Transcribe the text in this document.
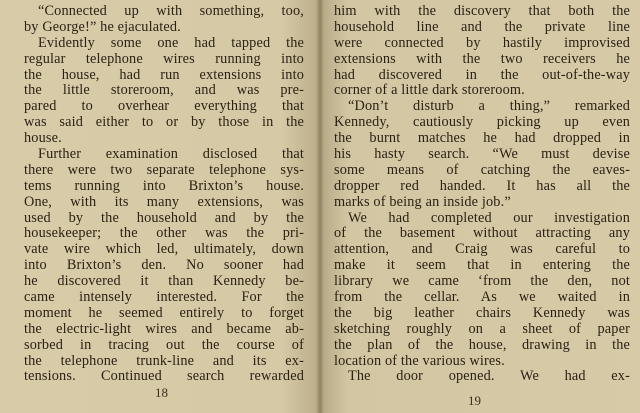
“Connected up with something, too,
by George!” he ejaculated.
Evidently some one had tapped the
regular telephone wires running into
the house, had run extensions into
the little storeroom, and was pre-
pared to overhear everything that
was said either to or by those in the
house.
Further examination disclosed that
there were two separate telephone sys-
tems running into Brixton’s house.
One, with its many extensions, was
used by the household and by the
housekeeper; the other was the pri-
vate wire which led, ultimately, down
into Brixton’s den. No sooner had
he discovered it than Kennedy be-
came intensely interested. For the
moment he seemed entirely to forget
the electric-light wires and became ab-
sorbed in tracing out the course of
the telephone trunk-line and its ex-
tensions. Continued search rewarded
18
him with the discovery that both the
household line and the private line
were connected by hastily improvised
extensions with the two receivers he
had discovered in the out-of-the-way
corner of a little dark storeroom.
“Don’t disturb a thing,” remarked
Kennedy, cautiously picking up even
the burnt matches he had dropped in
his hasty search. “We must devise
some means of catching the eaves-
dropper red handed. It has all the
marks of being an inside job.”
We had completed our investigation
of the basement without attracting any
attention, and Craig was careful to
make it seem that in entering the
library we came ‘from the den, not
from the cellar. As we waited in
the big leather chairs Kennedy was
sketching roughly on a sheet of paper
the plan of the house, drawing in the
location of the various wires.
The door opened. We had ex-
19
